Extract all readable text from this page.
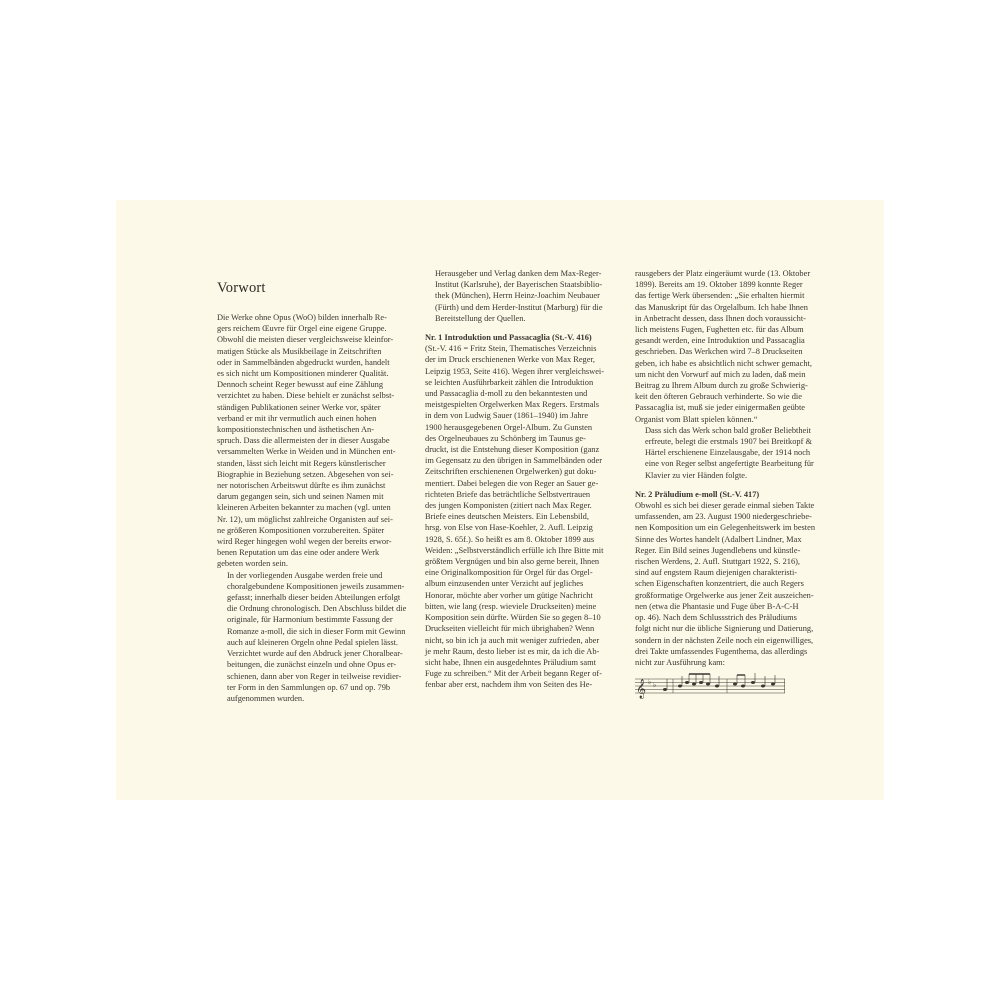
Vorwort

Die Werke ohne Opus (WoO) bilden innerhalb Re-
gers reichem Œuvre für Orgel eine eigene Gruppe.
Obwohl die meisten dieser vergleichsweise kleinfor-
matigen Stücke als Musikbeilage in Zeitschriften
oder in Sammelbänden abgedruckt wurden, handelt
es sich nicht um Kompositionen minderer Qualität.
Dennoch scheint Reger bewusst auf eine Zählung
verzichtet zu haben. Diese behielt er zunächst selbst-
ständigen Publikationen seiner Werke vor, später
verband er mit ihr vermutlich auch einen hohen
kompositionstechnischen und ästhetischen An-
spruch. Dass die allermeisten der in dieser Ausgabe
versammelten Werke in Weiden und in München ent-
standen, lässt sich leicht mit Regers künstlerischer
Biographie in Beziehung setzen. Abgesehen von sei-
ner notorischen Arbeitswut dürfte es ihm zunächst
darum gegangen sein, sich und seinen Namen mit
kleineren Arbeiten bekannter zu machen (vgl. unten
Nr. 12), um möglichst zahlreiche Organisten auf sei-
ne größeren Kompositionen vorzubereiten. Später
wird Reger hingegen wohl wegen der bereits erwor-
benen Reputation um das eine oder andere Werk
gebeten worden sein.

In der vorliegenden Ausgabe werden freie und
choralgebundene Kompositionen jeweils zusammen-
gefasst; innerhalb dieser beiden Abteilungen erfolgt
die Ordnung chronologisch. Den Abschluss bildet die
originale, für Harmonium bestimmte Fassung der
Romanze a-moll, die sich in dieser Form mit Gewinn
auch auf kleineren Orgeln ohne Pedal spielen lässt.
Verzichtet wurde auf den Abdruck jener Choralbear-
beitungen, die zunächst einzeln und ohne Opus er-
schienen, dann aber von Reger in teilweise revidier-
ter Form in den Sammlungen op. 67 und op. 79b
aufgenommen wurden.

Herausgeber und Verlag danken dem Max-Reger-
Institut (Karlsruhe), der Bayerischen Staatsbiblio-
thek (München), Herrn Heinz-Joachim Neubauer
(Fürth) und dem Herder-Institut (Marburg) für die
Bereitstellung der Quellen.

Nr. 1 Introduktion und Passacaglia (St.-V. 416)

(St.-V. 416 = Fritz Stein, Thematisches Verzeichnis
der im Druck erschienenen Werke von Max Reger,
Leipzig 1953, Seite 416). Wegen ihrer vergleichswei-
se leichten Ausführbarkeit zählen die Introduktion
und Passacaglia d-moll zu den bekanntesten und
meistgespielten Orgelwerken Max Regers. Erstmals
in dem von Ludwig Sauer (1861–1940) im Jahre
1900 herausgegebenen Orgel-Album. Zu Gunsten
des Orgelneubaues zu Schönberg im Taunus ge-
druckt, ist die Entstehung dieser Komposition (ganz
im Gegensatz zu den übrigen in Sammelbänden oder
Zeitschriften erschienenen Orgelwerken) gut doku-
mentiert. Dabei belegen die von Reger an Sauer ge-
richteten Briefe das beträchtliche Selbstvertrauen
des jungen Komponisten (zitiert nach Max Reger.
Briefe eines deutschen Meisters. Ein Lebensbild,
hrsg. von Else von Hase-Koehler, 2. Aufl. Leipzig
1928, S. 65f.). So heißt es am 8. Oktober 1899 aus
Weiden: „Selbstverständlich erfülle ich Ihre Bitte mit
größtem Vergnügen und bin also gerne bereit, Ihnen
eine Originalkomposition für Orgel für das Orgel-
album einzusenden unter Verzicht auf jegliches
Honorar, möchte aber vorher um gütige Nachricht
bitten, wie lang (resp. wieviele Druckseiten) meine
Komposition sein dürfte. Würden Sie so gegen 8–10
Druckseiten vielleicht für mich übrighaben? Wenn
nicht, so bin ich ja auch mit weniger zufrieden, aber
je mehr Raum, desto lieber ist es mir, da ich die Ab-
sicht habe, Ihnen ein ausgedehntes Präludium samt
Fuge zu schreiben.“ Mit der Arbeit begann Reger of-
fenbar aber erst, nachdem ihm von Seiten des He-

rausgebers der Platz eingeräumt wurde (13. Oktober
1899). Bereits am 19. Oktober 1899 konnte Reger
das fertige Werk übersenden: „Sie erhalten hiermit
das Manuskript für das Orgelalbum. Ich habe Ihnen
in Anbetracht dessen, dass Ihnen doch voraussicht-
lich meistens Fugen, Fughetten etc. für das Album
gesandt werden, eine Introduktion und Passacaglia
geschrieben. Das Werkchen wird 7–8 Druckseiten
geben, ich habe es absichtlich nicht schwer gemacht,
um nicht den Vorwurf auf mich zu laden, daß mein
Beitrag zu Ihrem Album durch zu große Schwierig-
keit den öfteren Gebrauch verhinderte. So wie die
Passacaglia ist, muß sie jeder einigermaßen geübte
Organist vom Blatt spielen können.“

Dass sich das Werk schon bald großer Beliebtheit
erfreute, belegt die erstmals 1907 bei Breitkopf &
Härtel erschienene Einzelausgabe, der 1914 noch
eine von Reger selbst angefertigte Bearbeitung für
Klavier zu vier Händen folgte.

Nr. 2 Präludium e-moll (St.-V. 417)

Obwohl es sich bei dieser gerade einmal sieben Takte
umfassenden, am 23. August 1900 niedergeschriebe-
nen Komposition um ein Gelegenheitswerk im besten
Sinne des Wortes handelt (Adalbert Lindner, Max
Reger. Ein Bild seines Jugendlebens und künstle-
rischen Werdens, 2. Aufl. Stuttgart 1922, S. 216),
sind auf engstem Raum diejenigen charakteristi-
schen Eigenschaften konzentriert, die auch Regers
großformatige Orgelwerke aus jener Zeit auszeichen-
nen (etwa die Phantasie und Fuge über B-A-C-H
op. 46). Nach dem Schlussstrich des Präludiums
folgt nicht nur die übliche Signierung und Datierung,
sondern in der nächsten Zeile noch ein eigenwilliges,
drei Takte umfassendes Fugenthema, das allerdings
nicht zur Ausführung kam:

𝄞 ♭ ♭
